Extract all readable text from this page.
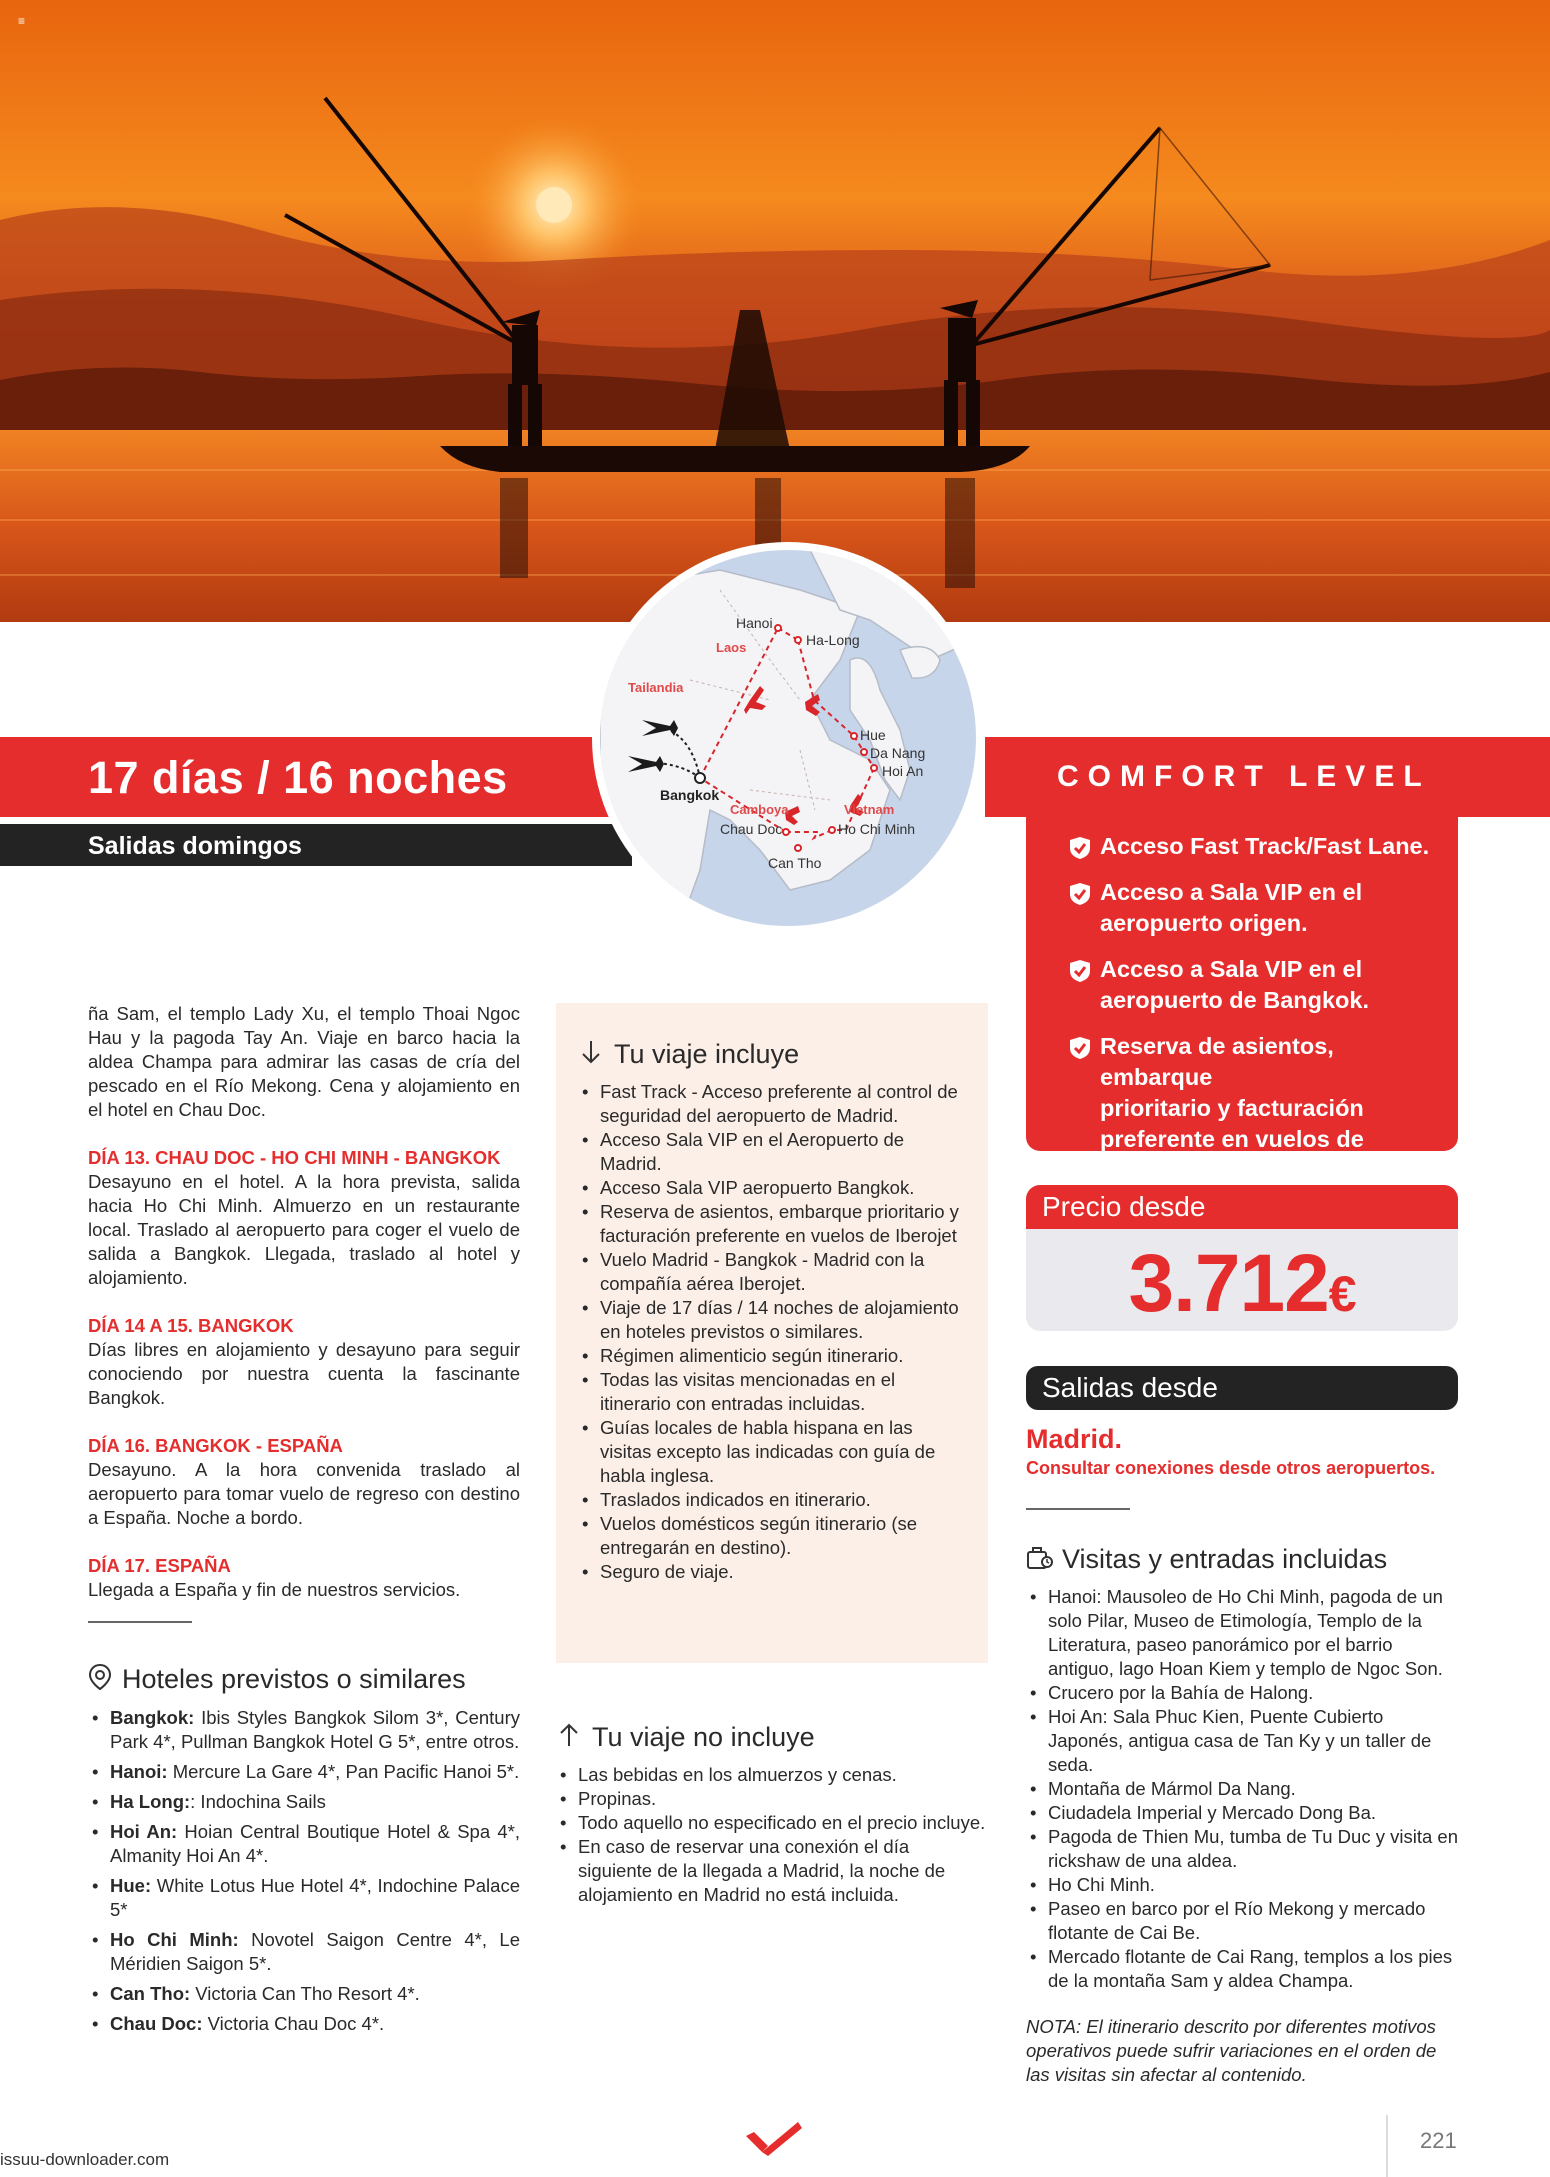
≡
17 días / 16 noches
Salidas domingos
COMFORT LEVEL
Hanoi
Ha-Long
Hue
Da Nang
Hoi An
Ho Chi Minh
Chau Doc
Can Tho
Bangkok
Laos
Tailandia
Camboya	Vietnam
Acceso Fast Track/Fast Lane.
Acceso a Sala VIP en el
aeropuerto origen.
Acceso a Sala VIP en el
aeropuerto de Bangkok.
Reserva de asientos, embarque
prioritario y facturación
preferente en vuelos de Iberojet.
Precio desde
3.712€
Salidas desde
Madrid.
Consultar conexiones desde otros aeropuertos.

ña Sam, el templo Lady Xu, el templo Thoai Ngoc Hau y la pagoda Tay An. Viaje en barco hacia la aldea Champa para admirar las casas de cría del pescado en el Río Mekong. Cena y alojamiento en el hotel en Chau Doc.

DÍA 13. CHAU DOC - HO CHI MINH - BANGKOK

Desayuno en el hotel. A la hora prevista, salida hacia Ho Chi Minh. Almuerzo en un restaurante local. Traslado al aeropuerto para coger el vuelo de salida a Bangkok. Llegada, traslado al hotel y alojamiento.

DÍA 14 A 15. BANGKOK

Días libres en alojamiento y desayuno para seguir conociendo por nuestra cuenta la fascinante Bangkok.

DÍA 16. BANGKOK - ESPAÑA

Desayuno. A la hora convenida traslado al aeropuerto para tomar vuelo de regreso con destino a España. Noche a bordo.

DÍA 17. ESPAÑA

Llegada a España y fin de nuestros servicios.

Hoteles previstos o similares
• Bangkok: Ibis Styles Bangkok Silom 3*, Century Park 4*, Pullman Bangkok Hotel G 5*, entre otros.
• Hanoi: Mercure La Gare 4*, Pan Pacific Hanoi 5*.
• Ha Long:: Indochina Sails
• Hoi An: Hoian Central Boutique Hotel & Spa 4*, Almanity Hoi An 4*.
• Hue: White Lotus Hue Hotel 4*, Indochine Palace 5*
• Ho Chi Minh: Novotel Saigon Centre 4*, Le Méridien Saigon 5*.
• Can Tho: Victoria Can Tho Resort 4*.
• Chau Doc: Victoria Chau Doc 4*.
Tu viaje incluye
• Fast Track - Acceso preferente al control de seguridad del aeropuerto de Madrid.
• Acceso Sala VIP en el Aeropuerto de Madrid.
• Acceso Sala VIP aeropuerto Bangkok.
• Reserva de asientos, embarque prioritario y facturación preferente en vuelos de Iberojet
• Vuelo Madrid - Bangkok - Madrid con la compañía aérea Iberojet.
• Viaje de 17 días / 14 noches de alojamiento en hoteles previstos o similares.
• Régimen alimenticio según itinerario.
• Todas las visitas mencionadas en el itinerario con entradas incluidas.
• Guías locales de habla hispana en las visitas excepto las indicadas con guía de habla inglesa.
• Traslados indicados en itinerario.
• Vuelos domésticos según itinerario (se entregarán en destino).
• Seguro de viaje.
Tu viaje no incluye
• Las bebidas en los almuerzos y cenas.
• Propinas.
• Todo aquello no especificado en el precio incluye.
• En caso de reservar una conexión el día siguiente de la llegada a Madrid, la noche de alojamiento en Madrid no está incluida.
Visitas y entradas incluidas
• Hanoi: Mausoleo de Ho Chi Minh, pagoda de un solo Pilar, Museo de Etimología, Templo de la Literatura, paseo panorámico por el barrio antiguo, lago Hoan Kiem y templo de Ngoc Son.
• Crucero por la Bahía de Halong.
• Hoi An: Sala Phuc Kien, Puente Cubierto Japonés, antigua casa de Tan Ky y un taller de seda.
• Montaña de Mármol Da Nang.
• Ciudadela Imperial y Mercado Dong Ba.
• Pagoda de Thien Mu, tumba de Tu Duc y visita en rickshaw de una aldea.
• Ho Chi Minh.
• Paseo en barco por el Río Mekong y mercado flotante de Cai Be.
• Mercado flotante de Cai Rang, templos a los pies de la montaña Sam y aldea Champa.
NOTA: El itinerario descrito por diferentes motivos operativos puede sufrir variaciones en el orden de las visitas sin afectar al contenido.
221
issuu-downloader.com
